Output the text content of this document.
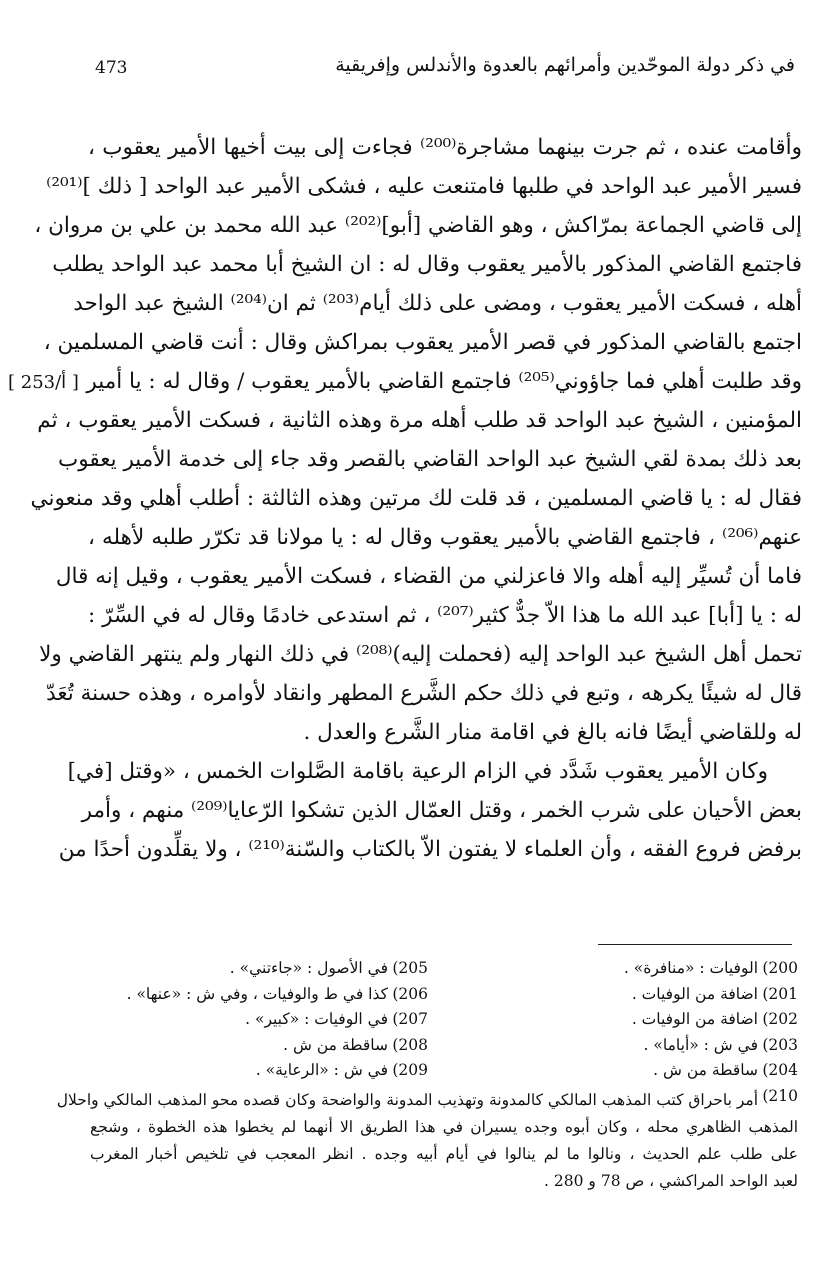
473	في ذكر دولة الموحّدين وأمرائهم بالعدوة والأندلس وإفريقية
وأقامت عنده ، ثم جرت بينهما مشاجرة⁽²⁰⁰⁾ فجاءت إلى بيت أخيها الأمير يعقوب ،
فسير الأمير عبد الواحد في طلبها فامتنعت عليه ، فشكى الأمير عبد الواحد [ ذلك ]⁽²⁰¹⁾
إلى قاضي الجماعة بمرّاكش ، وهو القاضي [أبو]⁽²⁰²⁾ عبد الله محمد بن علي بن مروان ،
فاجتمع القاضي المذكور بالأمير يعقوب وقال له : ان الشيخ أبا محمد عبد الواحد يطلب
أهله ، فسكت الأمير يعقوب ، ومضى على ذلك أيام⁽²⁰³⁾ ثم ان⁽²⁰⁴⁾ الشيخ عبد الواحد
اجتمع بالقاضي المذكور في قصر الأمير يعقوب بمراكش وقال : أنت قاضي المسلمين ،
وقد طلبت أهلي فما جاؤوني⁽²⁰⁵⁾ فاجتمع القاضي بالأمير يعقوب / وقال له : يا أمير
المؤمنين ، الشيخ عبد الواحد قد طلب أهله مرة وهذه الثانية ، فسكت الأمير يعقوب ، ثم
بعد ذلك بمدة لقي الشيخ عبد الواحد القاضي بالقصر وقد جاء إلى خدمة الأمير يعقوب
فقال له : يا قاضي المسلمين ، قد قلت لك مرتين وهذه الثالثة : أطلب أهلي وقد منعوني
عنهم⁽²⁰⁶⁾ ، فاجتمع القاضي بالأمير يعقوب وقال له : يا مولانا قد تكرّر طلبه لأهله ،
فاما أن تُسيِّر إليه أهله والا فاعزلني من القضاء ، فسكت الأمير يعقوب ، وقيل إنه قال
له : يا [أبا] عبد الله ما هذا الاّ جدٌّ كثير⁽²⁰⁷⁾ ، ثم استدعى خادمًا وقال له في السِّرّ :
تحمل أهل الشيخ عبد الواحد إليه (فحملت إليه)⁽²⁰⁸⁾ في ذلك النهار ولم ينتهر القاضي ولا
قال له شيئًا يكرهه ، وتبع في ذلك حكم الشَّرع المطهر وانقاد لأوامره ، وهذه حسنة تُعَدّ
له وللقاضي أيضًا فانه بالغ في اقامة منار الشَّرع والعدل .
وكان الأمير يعقوب شَدَّد في الزام الرعية باقامة الصَّلوات الخمس ، «وقتل [في]
بعض الأحيان على شرب الخمر ، وقتل العمّال الذين تشكوا الرّعايا⁽²⁰⁹⁾ منهم ، وأمر
برفض فروع الفقه ، وأن العلماء لا يفتون الاّ بالكتاب والسّنة⁽²¹⁰⁾ ، ولا يقلِّدون أحدًا من
[ 253/أ ]
200)الوفيات : «منافرة» .
201)اضافة من الوفيات .
202)اضافة من الوفيات .
203)في ش : «أياما» .
204)ساقطة من ش .
205)في الأصول : «جاءتني» .
206)كذا في ط والوفيات ، وفي ش : «عنها» .
207)في الوفيات : «كبير» .
208)ساقطة من ش .
209)في ش : «الرعاية» .
210)
أمر باحراق كتب المذهب المالكي كالمدونة وتهذيب المدونة والواضحة وكان قصده محو المذهب المالكي واحلال
المذهب الظاهري محله ، وكان أبوه وجده يسيران في هذا الطريق الا أنهما لم يخطوا هذه الخطوة ، وشجع
على طلب علم الحديث ، ونالوا ما لم ينالوا في أيام أبيه وجده . انظر المعجب في تلخيص أخبار المغرب
لعبد الواحد المراكشي ، ص 78 و 280 .
